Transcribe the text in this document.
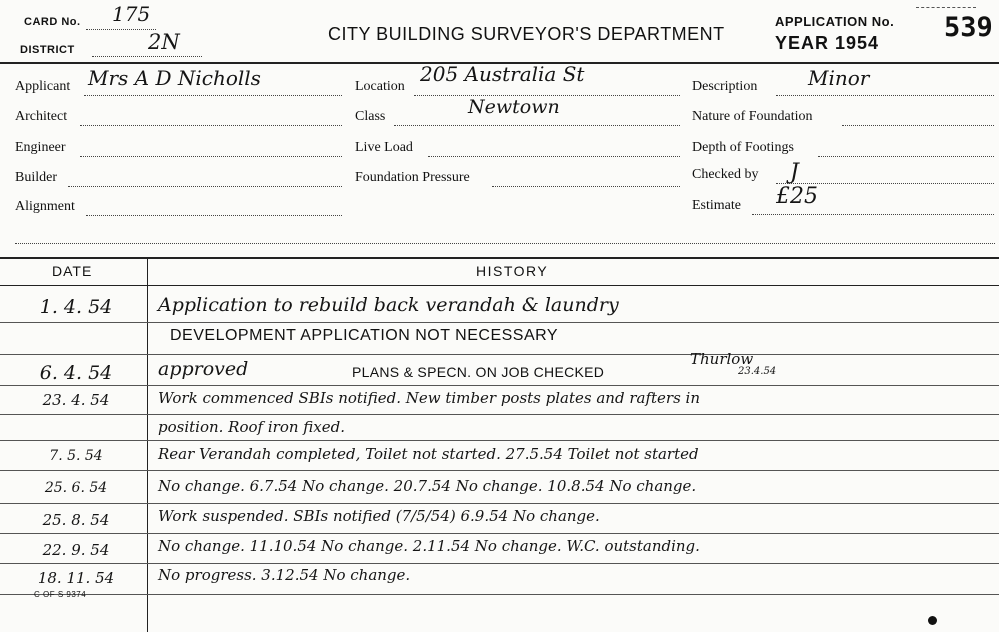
CARD No. 175
DISTRICT	2N	CITY BUILDING SURVEYOR'S DEPARTMENT
APPLICATION No. 539
YEAR 1954
Applicant Mrs A D Nicholls
Architect
Engineer
Builder
Alignment
Location
205 Australia St
Class	Newtown
Live Load
Foundation Pressure
Description	Minor
Nature of Foundation
Depth of Footings
Checked by J
Estimate £25
DATE	HISTORY
1. 4. 54	Application to rebuild back verandah & laundry
DEVELOPMENT APPLICATION NOT NECESSARY
6. 4. 54	approved	PLANS & SPECN. ON JOB CHECKED
Thurlow
23.4.54
23. 4. 54	Work commenced SBIs notified. New timber posts plates and rafters in
position. Roof iron fixed.
7. 5. 54	Rear Verandah completed, Toilet not started. 27.5.54 Toilet not started
25. 6. 54	No change. 6.7.54 No change. 20.7.54 No change. 10.8.54 No change.
25. 8. 54	Work suspended. SBIs notified (7/5/54) 6.9.54 No change.
22. 9. 54	No change. 11.10.54 No change. 2.11.54 No change. W.C. outstanding.
18. 11. 54	No progress. 3.12.54 No change.
C OF S 9374
